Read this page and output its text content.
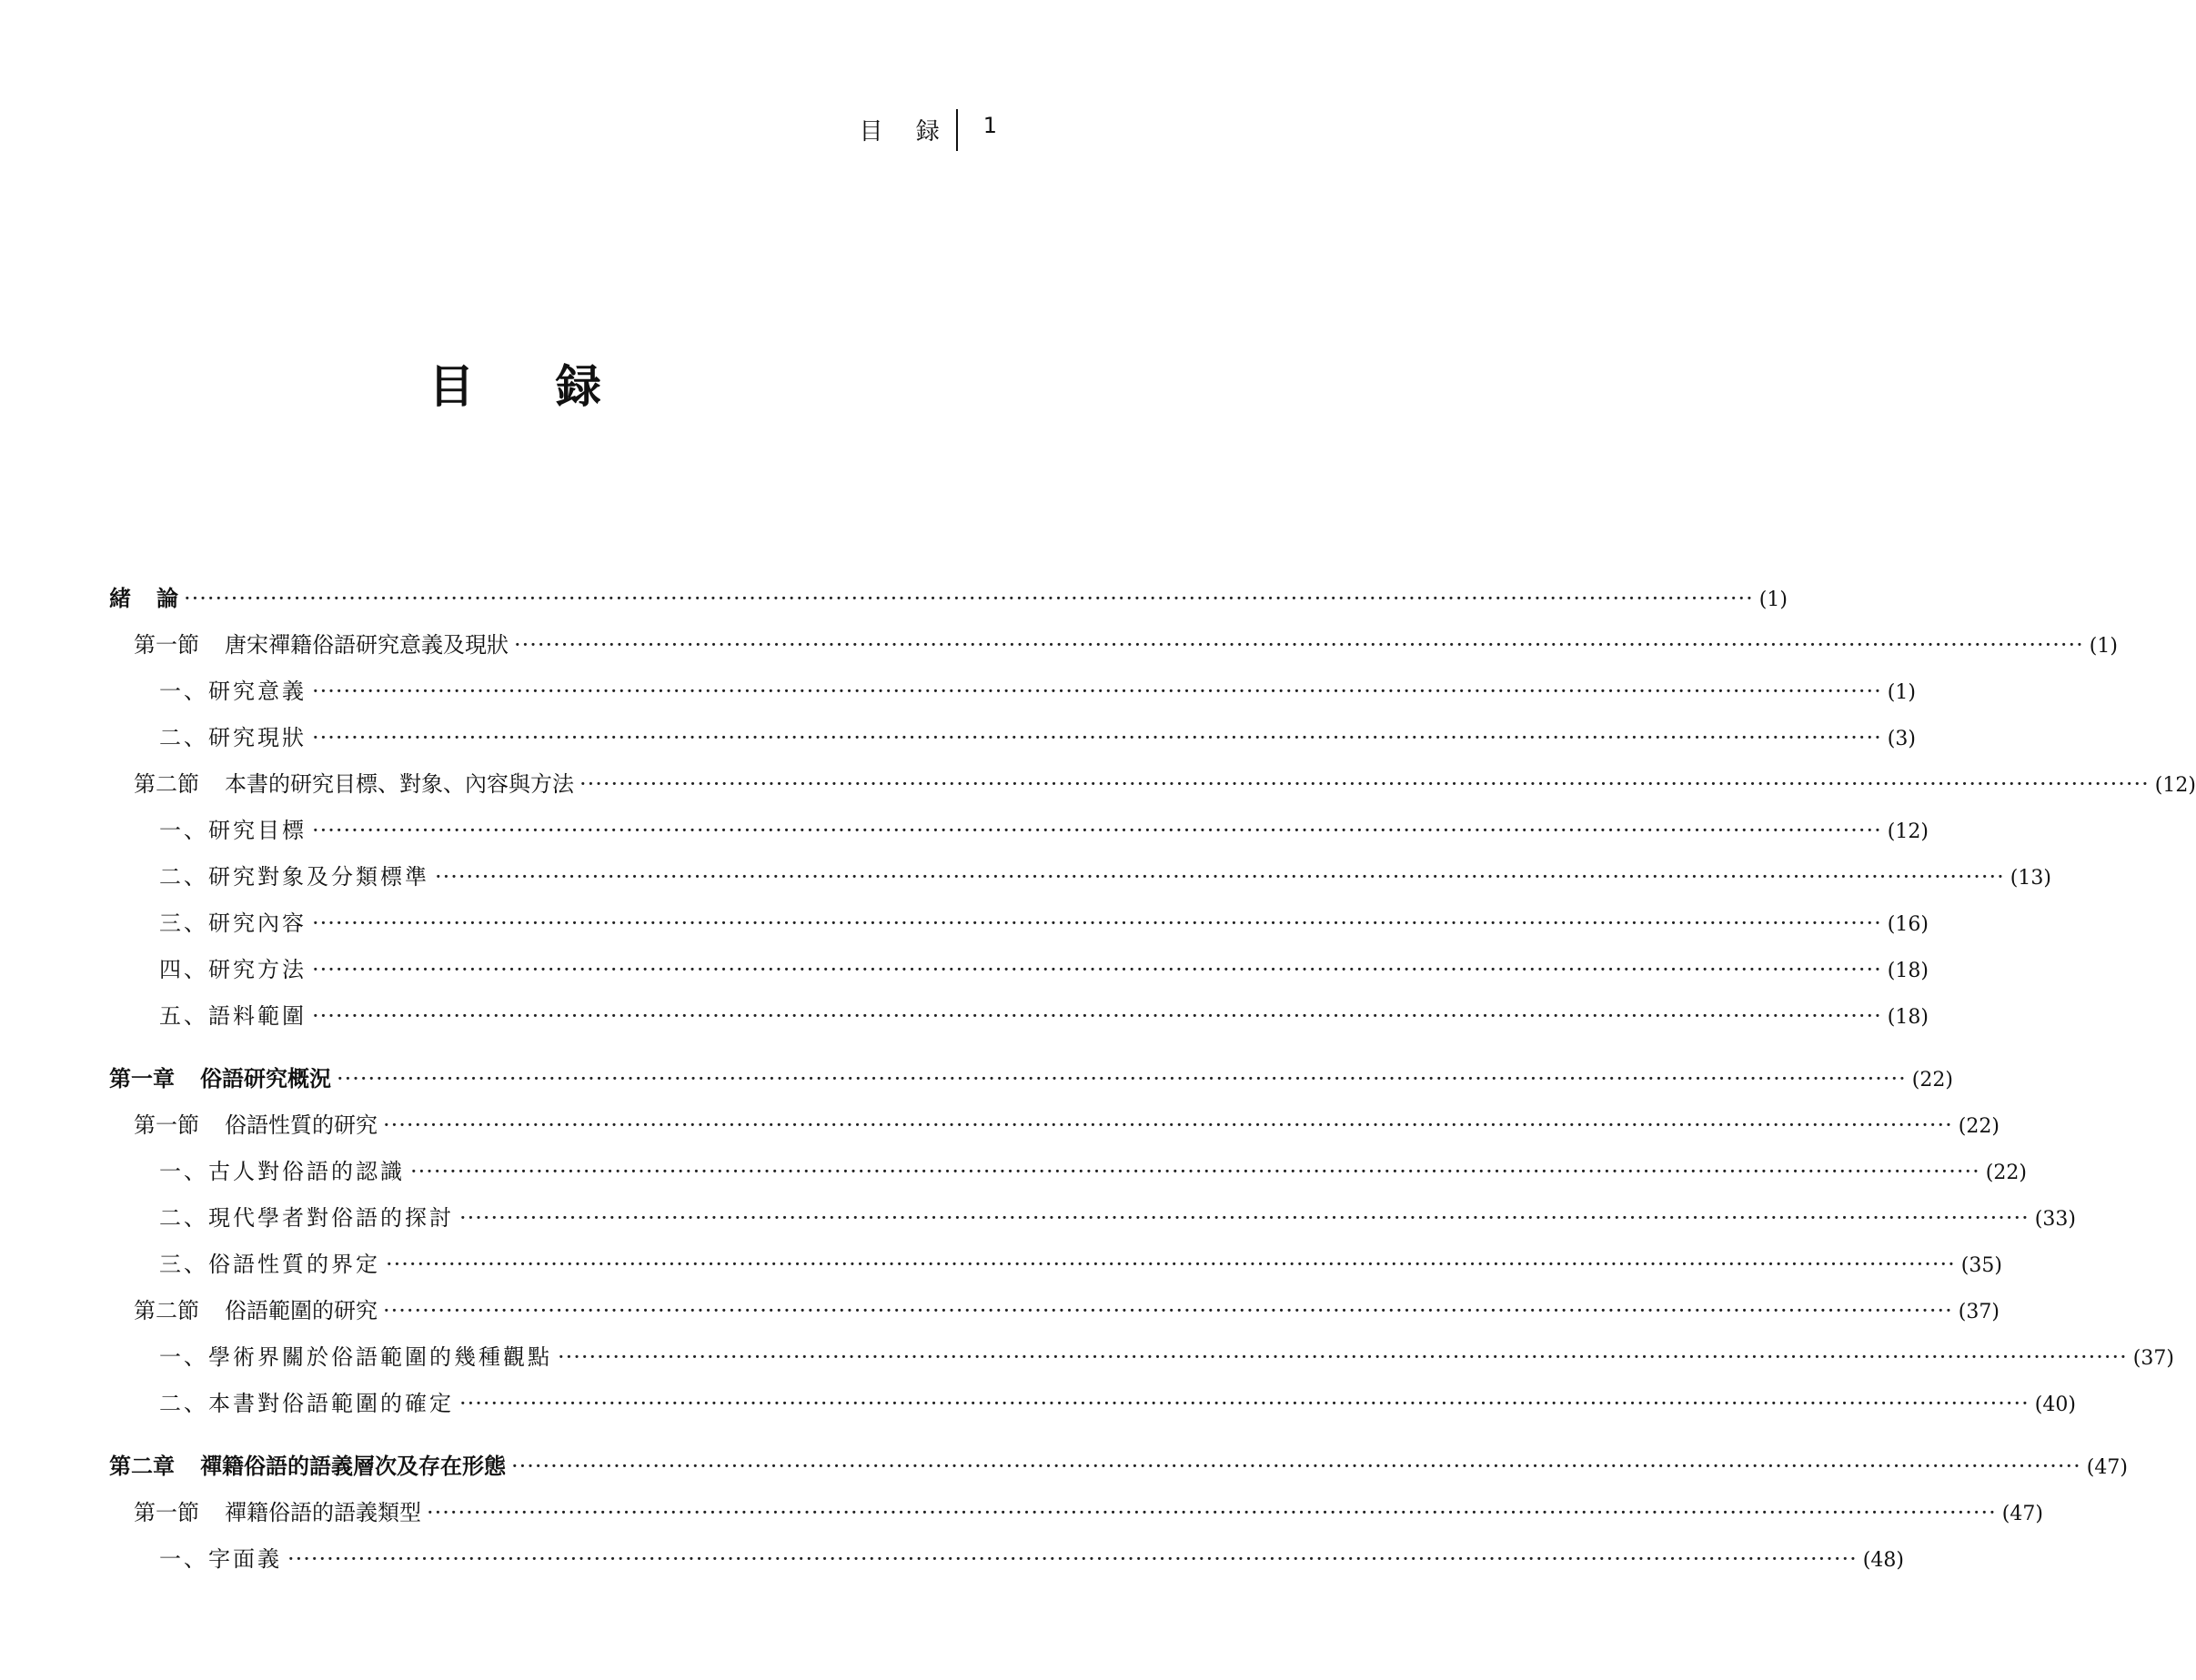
目 録 1
目 録
緒 論 ········································································································································································································ (1)
第一節 唐宋禪籍俗語研究意義及現狀 ········································································································································································································ (1)
一、研究意義 ········································································································································································································ (1)
二、研究現狀 ········································································································································································································ (3)
第二節 本書的研究目標、對象、內容與方法 ········································································································································································································ (12)
一、研究目標 ········································································································································································································ (12)
二、研究對象及分類標準 ········································································································································································································ (13)
三、研究內容 ········································································································································································································ (16)
四、研究方法 ········································································································································································································ (18)
五、語料範圍 ········································································································································································································ (18)
第一章 俗語研究概況 ········································································································································································································ (22)
第一節 俗語性質的研究 ········································································································································································································ (22)
一、古人對俗語的認識 ········································································································································································································ (22)
二、現代學者對俗語的探討 ········································································································································································································ (33)
三、俗語性質的界定 ········································································································································································································ (35)
第二節 俗語範圍的研究 ········································································································································································································ (37)
一、學術界關於俗語範圍的幾種觀點 ········································································································································································································ (37)
二、本書對俗語範圍的確定 ········································································································································································································ (40)
第二章 禪籍俗語的語義層次及存在形態 ········································································································································································································ (47)
第一節 禪籍俗語的語義類型 ········································································································································································································ (47)
一、字面義 ········································································································································································································ (48)
